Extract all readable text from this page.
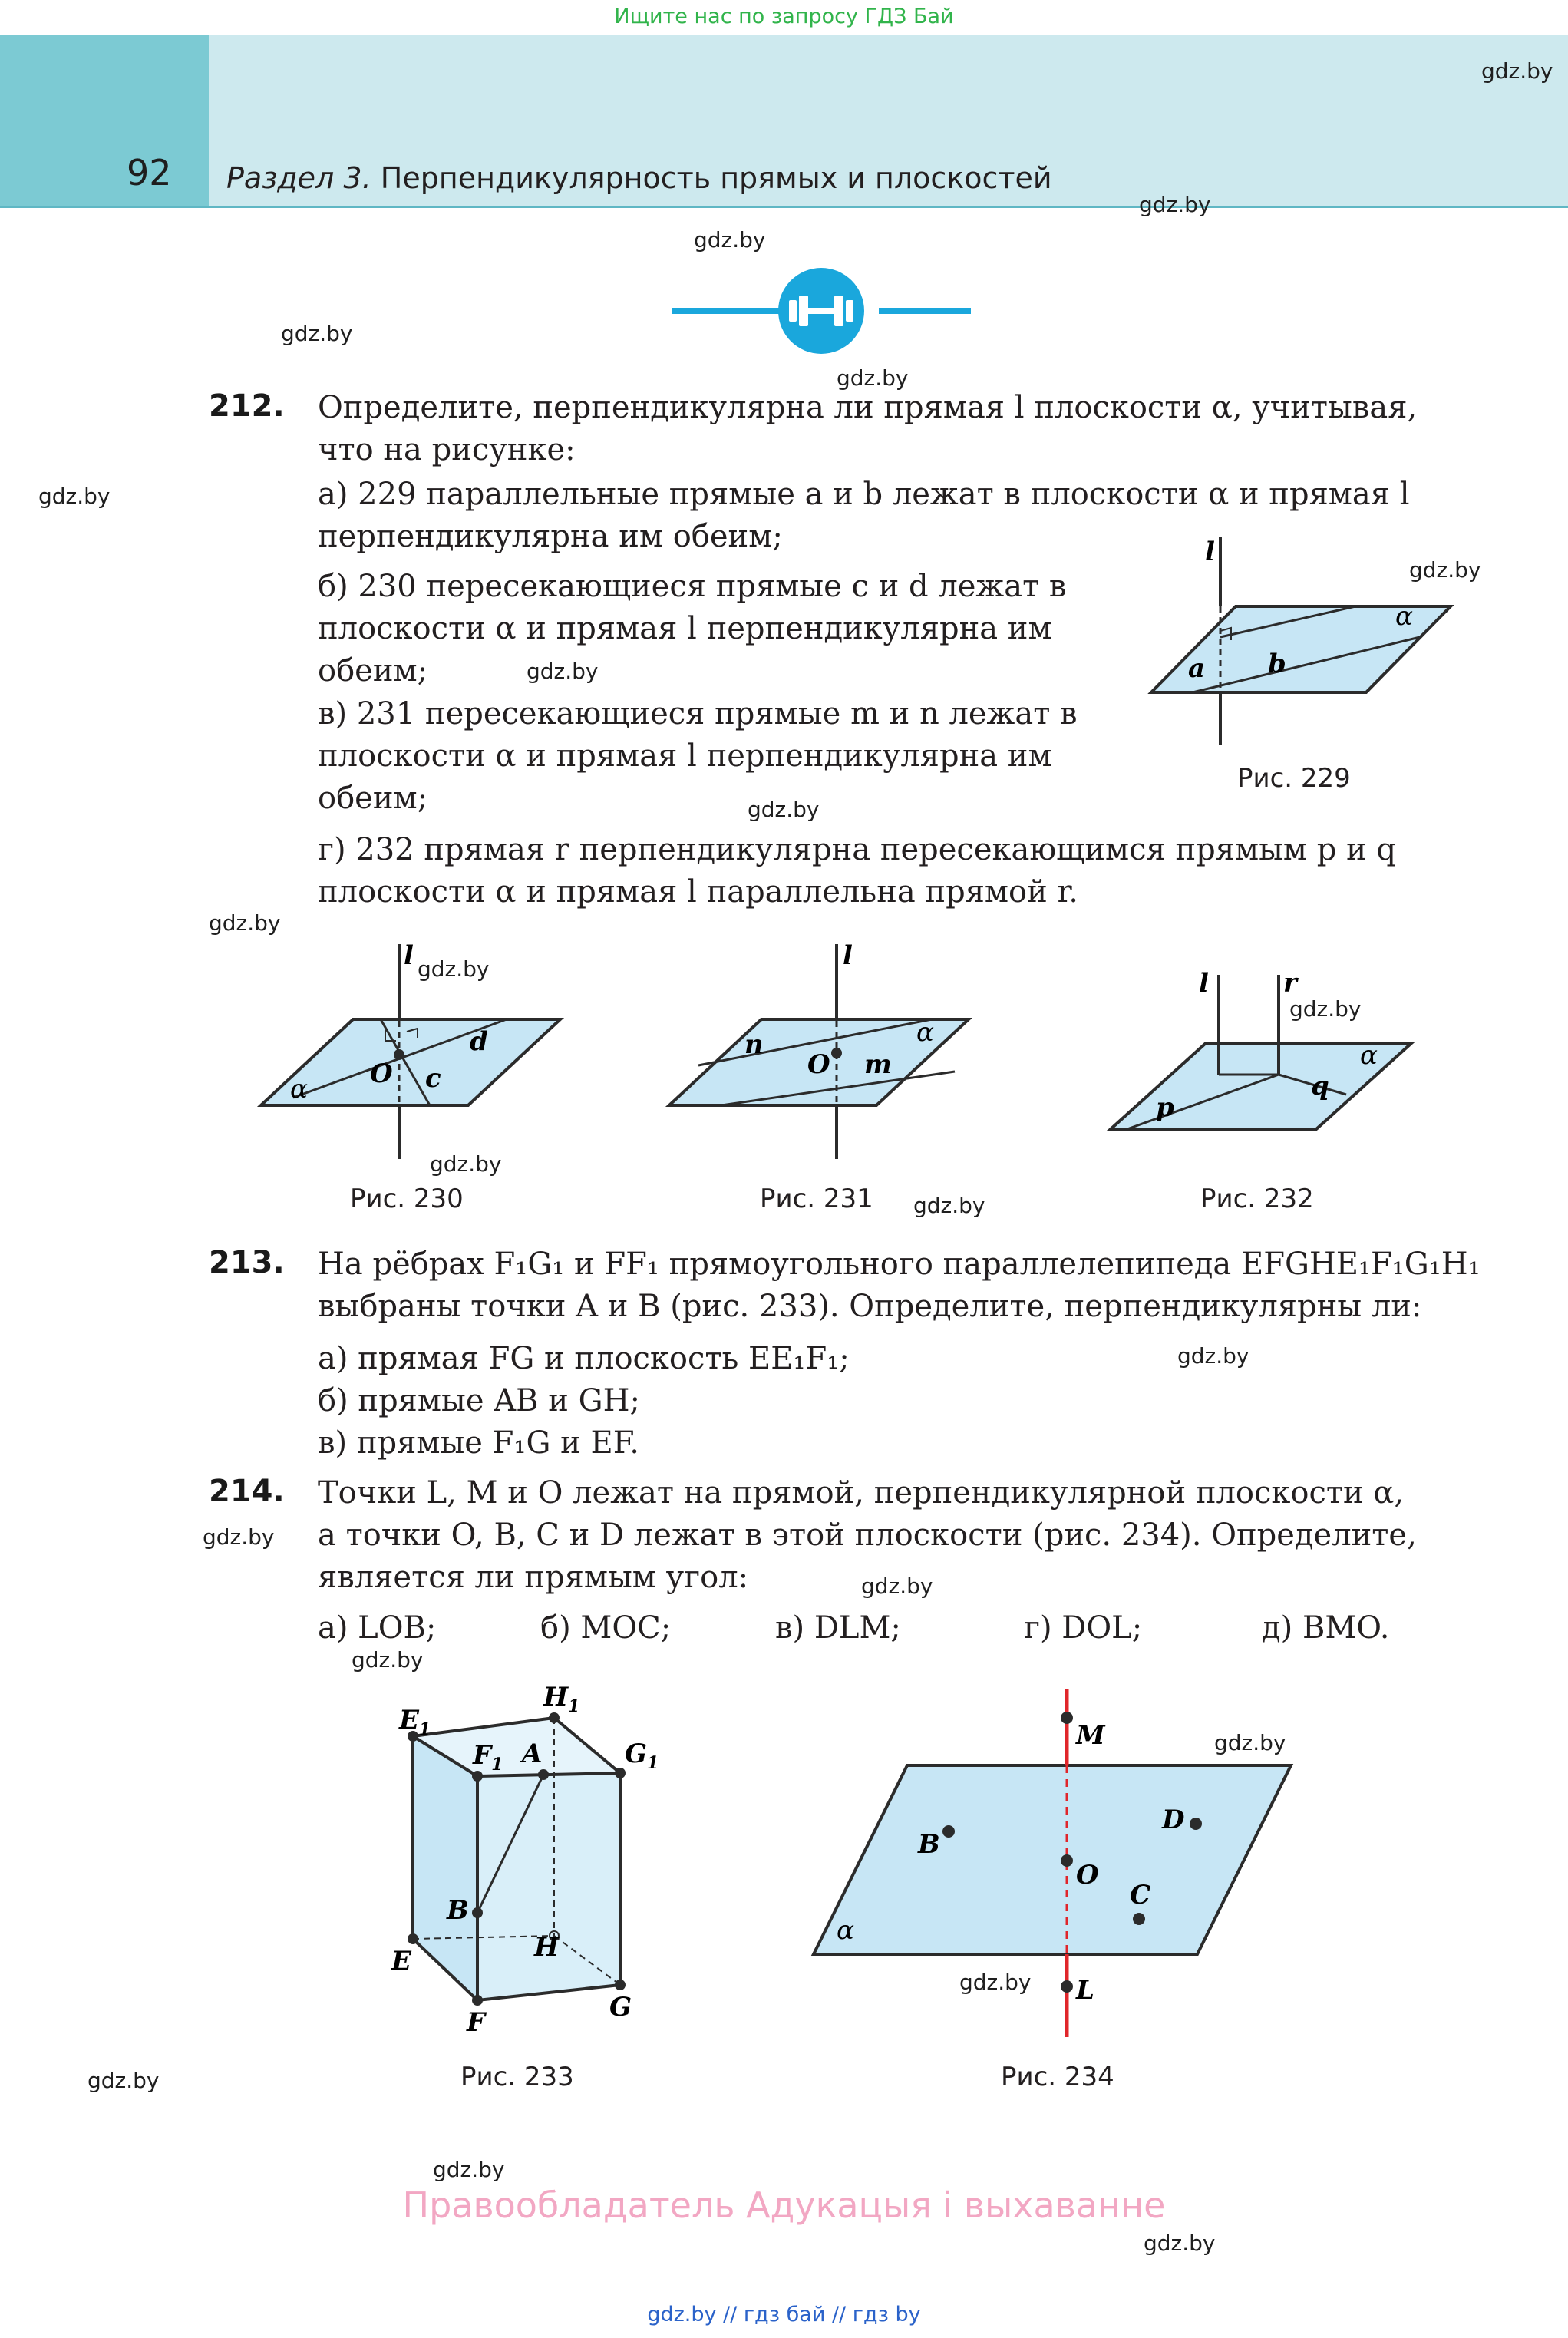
Ищите нас по запросу ГДЗ Бай
92 Раздел 3. Перпендикулярность прямых и плоскостей
gdz.by
gdz.by
gdz.by
gdz.by
gdz.by
gdz.by
gdz.by
gdz.by
gdz.by
gdz.by
gdz.by
gdz.by
gdz.by
gdz.by
gdz.by
gdz.by
gdz.by
gdz.by
gdz.by
gdz.by
gdz.by
gdz.by
gdz.by
212. Определите, перпендикулярна ли прямая l плоскости α, учитывая,
что на рисунке:
а) 229 параллельные прямые a и b лежат в плоскости α и прямая l
перпендикулярна им обеим;
б) 230 пересекающиеся прямые c и d лежат в
плоскости α и прямая l перпендикулярна им
обеим;
в) 231 пересекающиеся прямые m и n лежат в
плоскости α и прямая l перпендикулярна им
обеим;
г) 232 прямая r перпендикулярна пересекающимся прямым p и q
плоскости α и прямая l параллельна прямой r.
l
a b
α
Рис. 229
l
d
O c
α
Рис. 230
l
n
O m
α
Рис. 231
l	r
p
q
α
Рис. 232
213. На рёбрах F₁G₁ и FF₁ прямоугольного параллелепипеда EFGHE₁F₁G₁H₁
выбраны точки A и B (рис. 233). Определите, перпендикулярны ли:
а) прямая FG и плоскость EE₁F₁;
б) прямые AB и GH;
в) прямые F₁G и EF.
214. Точки L, M и O лежат на прямой, перпендикулярной плоскости α,
а точки O, B, C и D лежат в этой плоскости (рис. 234). Определите,
является ли прямым угол:
а) LOB;	б) MOC;	в) DLM;	г) DOL;	д) BMO.
$E_1$
$H_1$
$F_1$ A	$G_1$
B
E	H
F	G
Рис. 233
M
B
O
D
C
L
α
Рис. 234
Правообладатель Адукацыя і выхаванне
gdz.by // гдз бай // гдз by
